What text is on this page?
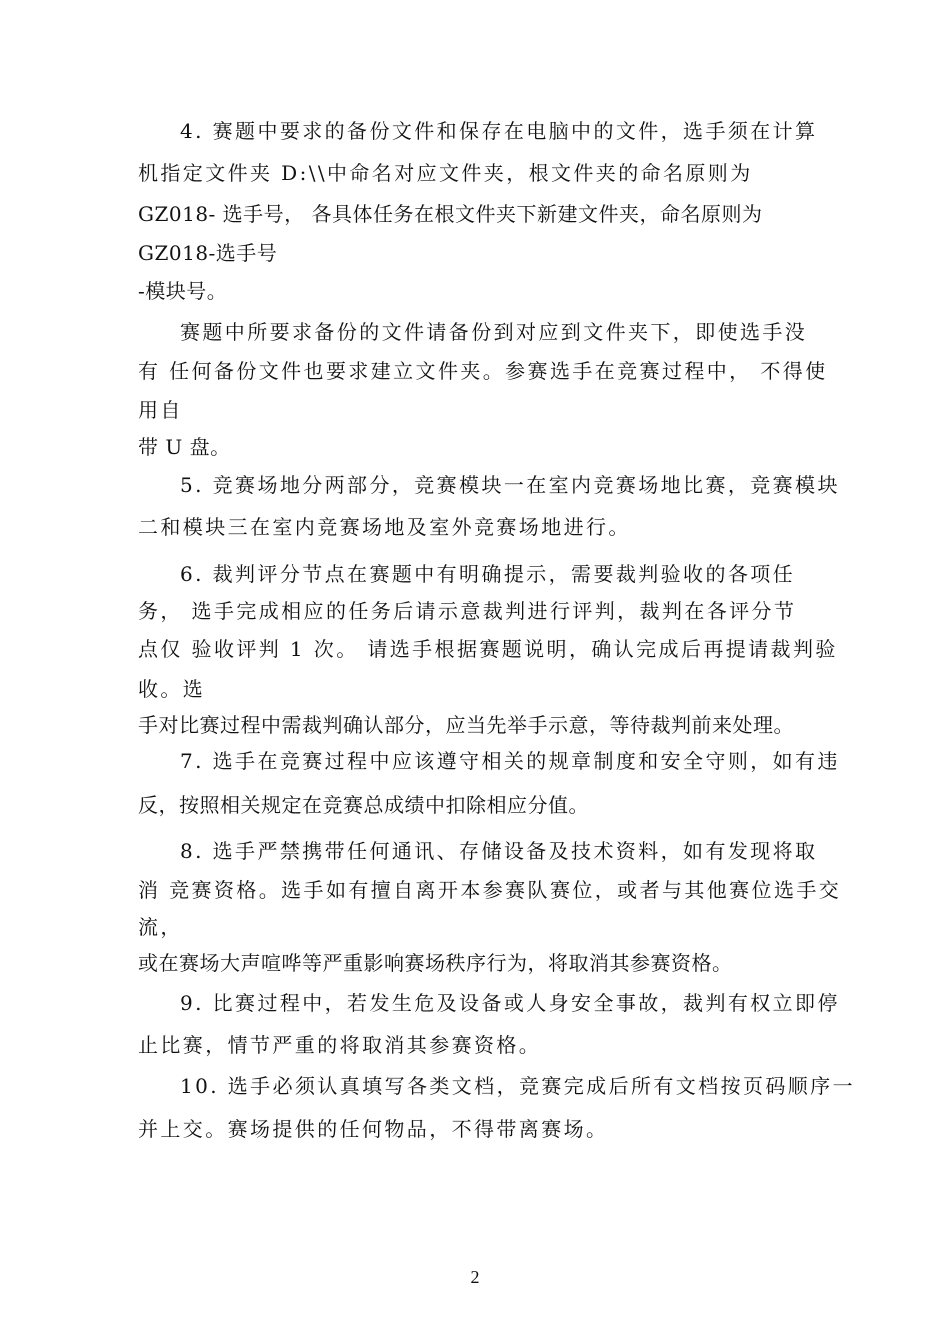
4. 赛题中要求的备份文件和保存在电脑中的文件，选手须在计算

机指定文件夹 D:\\中命名对应文件夹，根文件夹的命名原则为

GZ018- 选手号， 各具体任务在根文件夹下新建文件夹，命名原则为

GZ018-选手号

-模块号。

赛题中所要求备份的文件请备份到对应到文件夹下，即使选手没

有 任何备份文件也要求建立文件夹。参赛选手在竞赛过程中， 不得使

用自

带 U 盘。

5. 竞赛场地分两部分，竞赛模块一在室内竞赛场地比赛，竞赛模块

二和模块三在室内竞赛场地及室外竞赛场地进行。

6. 裁判评分节点在赛题中有明确提示，需要裁判验收的各项任

务， 选手完成相应的任务后请示意裁判进行评判，裁判在各评分节

点仅 验收评判 1 次。 请选手根据赛题说明，确认完成后再提请裁判验

收。选

手对比赛过程中需裁判确认部分，应当先举手示意，等待裁判前来处理。

7. 选手在竞赛过程中应该遵守相关的规章制度和安全守则，如有违

反，按照相关规定在竞赛总成绩中扣除相应分值。

8. 选手严禁携带任何通讯、存储设备及技术资料，如有发现将取

消 竞赛资格。选手如有擅自离开本参赛队赛位，或者与其他赛位选手交

流，

或在赛场大声喧哗等严重影响赛场秩序行为，将取消其参赛资格。

9. 比赛过程中，若发生危及设备或人身安全事故，裁判有权立即停

止比赛，情节严重的将取消其参赛资格。

10. 选手必须认真填写各类文档，竞赛完成后所有文档按页码顺序一

并上交。赛场提供的任何物品，不得带离赛场。

2
